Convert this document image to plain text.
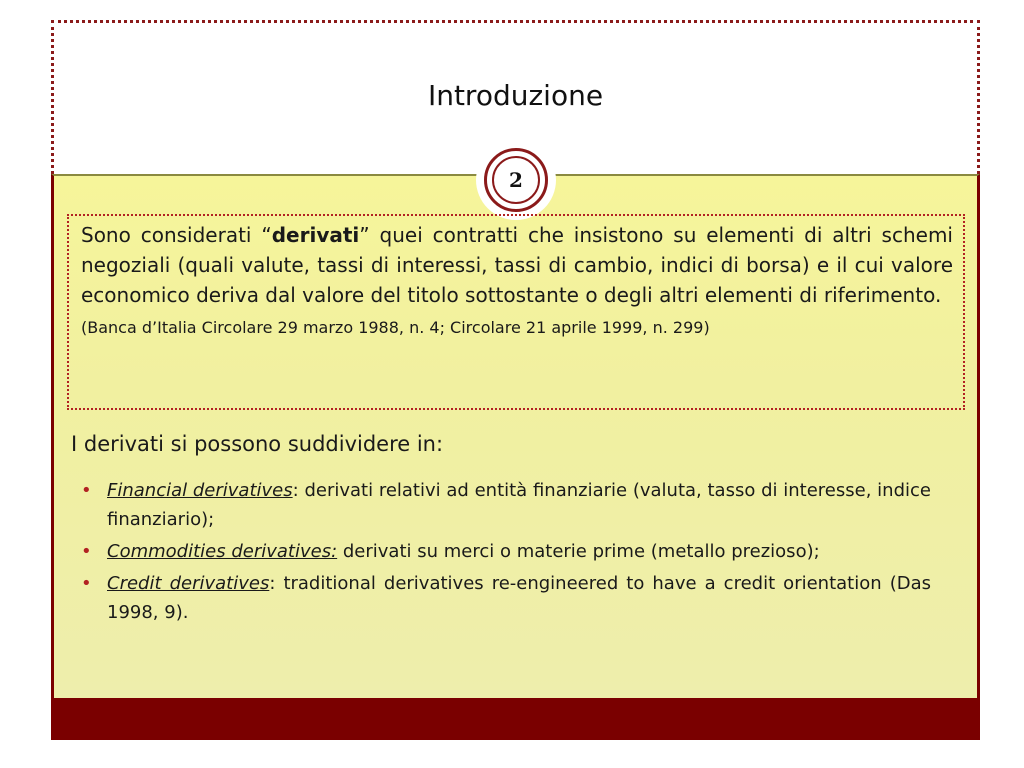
Introduzione
2

Sono considerati “derivati” quei contratti che insistono su elementi di altri schemi negoziali (quali valute, tassi di interessi, tassi di cambio, indici di borsa) e il cui valore economico deriva dal valore del titolo sottostante o degli altri elementi di riferimento.

(Banca d’Italia Circolare 29 marzo 1988, n. 4; Circolare 21 aprile 1999, n. 299)
I derivati si possono suddividere in:
• Financial derivatives: derivati relativi ad entità finanziarie (valuta, tasso di interesse, indice finanziario);
• Commodities derivatives: derivati su merci o materie prime (metallo prezioso);
• Credit derivatives: traditional derivatives re-engineered to have a credit orientation (Das 1998, 9).
